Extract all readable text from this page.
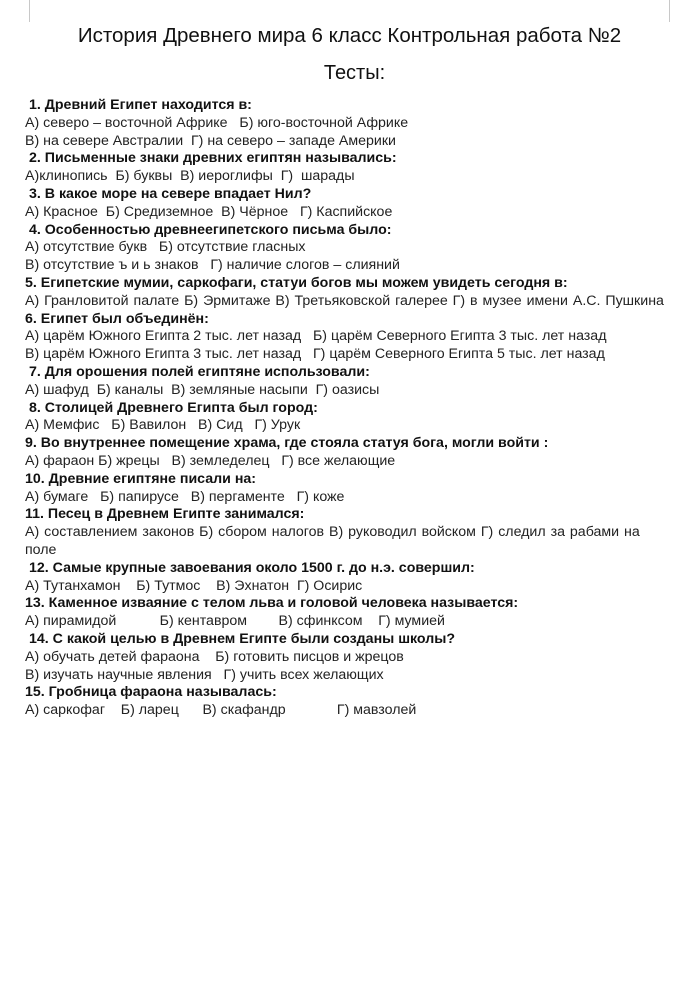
История Древнего мира 6 класс Контрольная работа №2
Тесты:
1. Древний Египет находится в:
А) северо – восточной Африке   Б) юго-восточной Африке
В) на севере Австралии  Г) на северо – западе Америки
2. Письменные знаки древних египтян назывались:
А)клинопись  Б) буквы  В) иероглифы  Г)  шарады
3. В какое море на севере впадает Нил?
А) Красное  Б) Средиземное  В) Чёрное   Г) Каспийское
4. Особенностью древнеегипетского письма было:
А) отсутствие букв   Б) отсутствие гласных
В) отсутствие ъ и ь знаков   Г) наличие слогов – слияний
5. Египетские мумии, саркофаги, статуи богов мы можем увидеть сегодня в:
А) Гранловитой палате Б) Эрмитаже В) Третьяковской галерее Г) в музее имени А.С. Пушкина
6. Египет был объединён:
А) царём Южного Египта 2 тыс. лет назад   Б) царём Северного Египта 3 тыс. лет назад
В) царём Южного Египта 3 тыс. лет назад   Г) царём Северного Египта 5 тыс. лет назад
7. Для орошения полей египтяне использовали:
А) шафуд  Б) каналы  В) земляные насыпи  Г) оазисы
8. Столицей Древнего Египта был город:
А) Мемфис   Б) Вавилон   В) Сид   Г) Урук
9. Во внутреннее помещение храма, где стояла статуя бога, могли войти :
А) фараон Б) жрецы   В) земледелец   Г) все желающие
10. Древние египтяне писали на:
А) бумаге   Б) папирусе   В) пергаменте   Г) коже
11. Песец в Древнем Египте занимался:
А) составлением законов Б) сбором налогов В) руководил войском Г) следил за рабами на поле
12. Самые крупные завоевания около 1500 г. до н.э. совершил:
А) Тутанхамон    Б) Тутмос    В) Эхнатон  Г) Осирис
13. Каменное изваяние с телом льва и головой человека называется:
А) пирамидой           Б) кентавром        В) сфинксом    Г) мумией
14. С какой целью в Древнем Египте были созданы школы?
А) обучать детей фараона    Б) готовить писцов и жрецов
В) изучать научные явления   Г) учить всех желающих
15. Гробница фараона называлась:
А) саркофаг    Б) ларец      В) скафандр             Г) мавзолей
